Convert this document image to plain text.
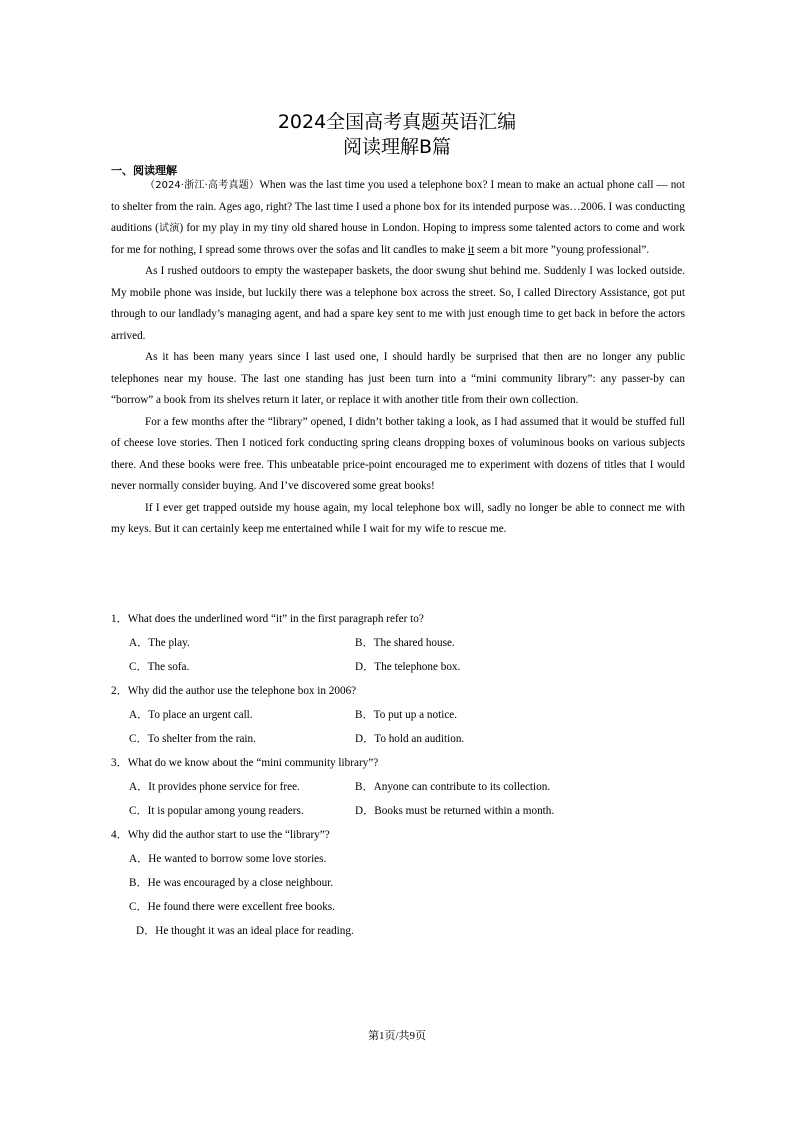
2024全国高考真题英语汇编
阅读理解B篇
一、阅读理解

（2024·浙江·高考真题）When was the last time you used a telephone box? I mean to make an actual phone call — not to shelter from the rain. Ages ago, right? The last time I used a phone box for its intended purpose was…2006. I was conducting auditions (试演) for my play in my tiny old shared house in London. Hoping to impress some talented actors to come and work for me for nothing, I spread some throws over the sofas and lit candles to make it seem a bit more ”young professional”.

As I rushed outdoors to empty the wastepaper baskets, the door swung shut behind me. Suddenly I was locked outside. My mobile phone was inside, but luckily there was a telephone box across the street. So, I called Directory Assistance, got put through to our landlady’s managing agent, and had a spare key sent to me with just enough time to get back in before the actors arrived.

As it has been many years since I last used one, I should hardly be surprised that then are no longer any public telephones near my house. The last one standing has just been turn into a “mini community library”: any passer-by can “borrow” a book from its shelves return it later, or replace it with another title from their own collection.

For a few months after the “library” opened, I didn’t bother taking a look, as I had assumed that it would be stuffed full of cheese love stories. Then I noticed fork conducting spring cleans dropping boxes of voluminous books on various subjects there. And these books were free. This unbeatable price-point encouraged me to experiment with dozens of titles that I would never normally consider buying. And I’ve discovered some great books!

If I ever get trapped outside my house again, my local telephone box will, sadly no longer be able to connect me with my keys. But it can certainly keep me entertained while I wait for my wife to rescue me.

1．What does the underlined word “it” in the first paragraph refer to?
A．The play.	B．The shared house.
C．The sofa.	D．The telephone box.
2．Why did the author use the telephone box in 2006?
A．To place an urgent call.	B．To put up a notice.
C．To shelter from the rain.	D．To hold an audition.
3．What do we know about the “mini community library”?
A．It provides phone service for free.	B．Anyone can contribute to its collection.
C．It is popular among young readers.	D．Books must be returned within a month.
4．Why did the author start to use the “library”?
A．He wanted to borrow some love stories.
B．He was encouraged by a close neighbour.
C．He found there were excellent free books.
D．He thought it was an ideal place for reading.
第1页/共9页
